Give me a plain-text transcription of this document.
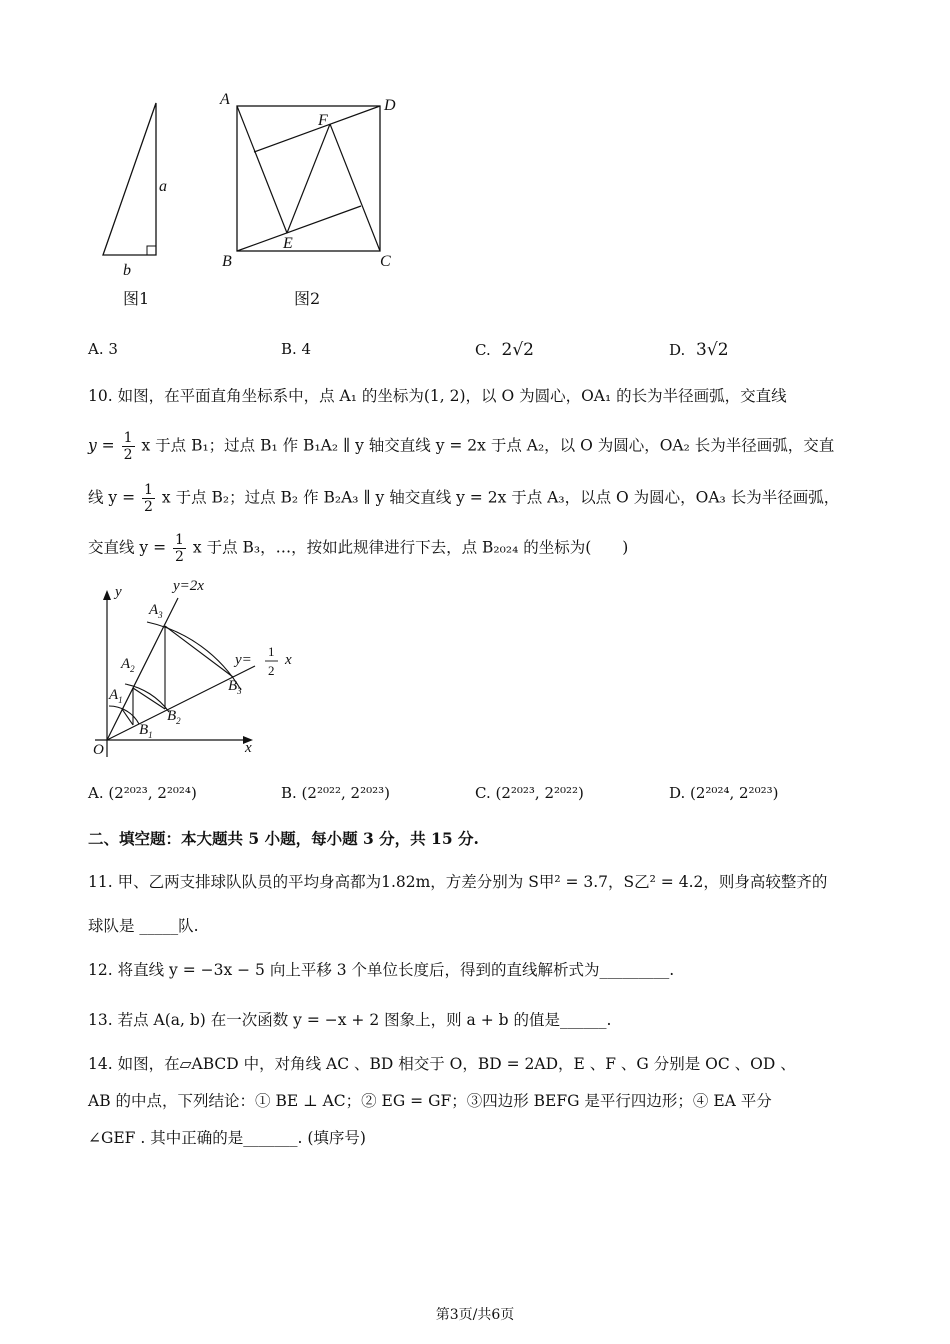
a
b
图1
A	D
F
E
B	C
图2
A. 3	B. 4	C. 2√2	D. 3√2
10. 如图，在平面直角坐标系中，点 A₁ 的坐标为(1, 2)，以 O 为圆心，OA₁ 的长为半径画弧，交直线
$y = \frac{1}{2}$ x 于点 B₁；过点 B₁ 作 B₁A₂ ∥ y 轴交直线 y = 2x 于点 A₂，以 O 为圆心，OA₂ 长为半径画弧，交直
线 $y = \frac{1}{2}$ x 于点 B₂；过点 B₂ 作 B₂A₃ ∥ y 轴交直线 y = 2x 于点 A₃，以点 O 为圆心，OA₃ 长为半径画弧，
交直线 $y = \frac{1}{2}$ x 于点 B₃，…，按如此规律进行下去，点 B₂₀₂₄ 的坐标为(　　)
y
x
O
y=2x
y=
1
2
x
$A_1$
$A_2$
$A_3$
$B_1$
$B_2$
$B_3$
A. (2²⁰²³, 2²⁰²⁴)	B. (2²⁰²², 2²⁰²³)	C. (2²⁰²³, 2²⁰²²)	D. (2²⁰²⁴, 2²⁰²³)
二、填空题：本大题共 5 小题，每小题 3 分，共 15 分.
11. 甲、乙两支排球队队员的平均身高都为1.82m，方差分别为 S甲² = 3.7，S乙² = 4.2，则身高较整齐的
球队是 _____队.
12. 将直线 y = −3x − 5 向上平移 3 个单位长度后，得到的直线解析式为_________.
13. 若点 A(a, b) 在一次函数 y = −x + 2 图象上，则 a + b 的值是______.
14. 如图，在▱ABCD 中，对角线 AC 、BD 相交于 O，BD = 2AD，E 、F 、G 分别是 OC 、OD 、
AB 的中点，下列结论：① BE ⊥ AC；② EG = GF；③四边形 BEFG 是平行四边形；④ EA 平分
∠GEF . 其中正确的是_______. (填序号)
第3页/共6页
